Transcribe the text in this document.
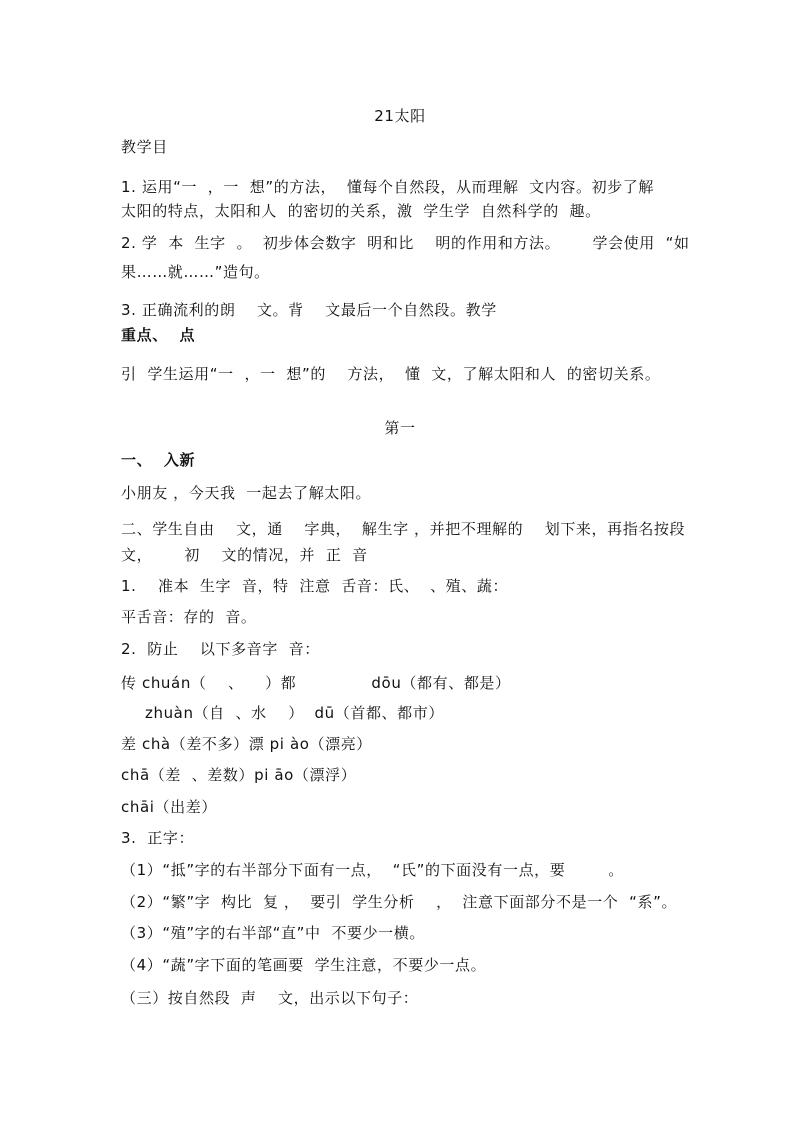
21太阳
教学目
1. 运用“一  ，一  想”的方法，  懂每个自然段，从而理解  文内容。初步了解
太阳的特点，太阳和人  的密切的关系，激  学生学  自然科学的  趣。
2. 学  本  生字  。  初步体会数字  明和比    明的作用和方法。      学会使用  “如
果……就……”造句。
3. 正确流利的朗    文。背    文最后一个自然段。教学
重点、  点
引  学生运用“一  ，一  想”的    方法，  懂  文，了解太阳和人  的密切关系。
第一
一、  入新
小朋友 ，今天我  一起去了解太阳。
二、学生自由    文，通    字典，  解生字 ，并把不理解的    划下来，再指名按段
文，      初    文的情况，并  正  音
1.    准本  生字  音，特  注意  舌音：氏、  、殖、蔬：
平舌音：存的  音。
2.  防止    以下多音字  音：
传 chuán（    、    ）都              dōu（都有、都是）
zhuàn（自  、水    ）  dū（首都、都市）
差 chà（差不多）漂 pi ào（漂亮）
chā（差  、差数）pi āo（漂浮）
chāi（出差）
3.  正字：
（1）“抵”字的右半部分下面有一点，  “氏”的下面没有一点，要        。
（2）“繁”字  构比  复 ，  要引  学生分析    ，  注意下面部分不是一个  “系”。
（3）“殖”字的右半部“直”中  不要少一横。
（4）“蔬”字下面的笔画要  学生注意，不要少一点。
（三）按自然段  声    文，出示以下句子：
